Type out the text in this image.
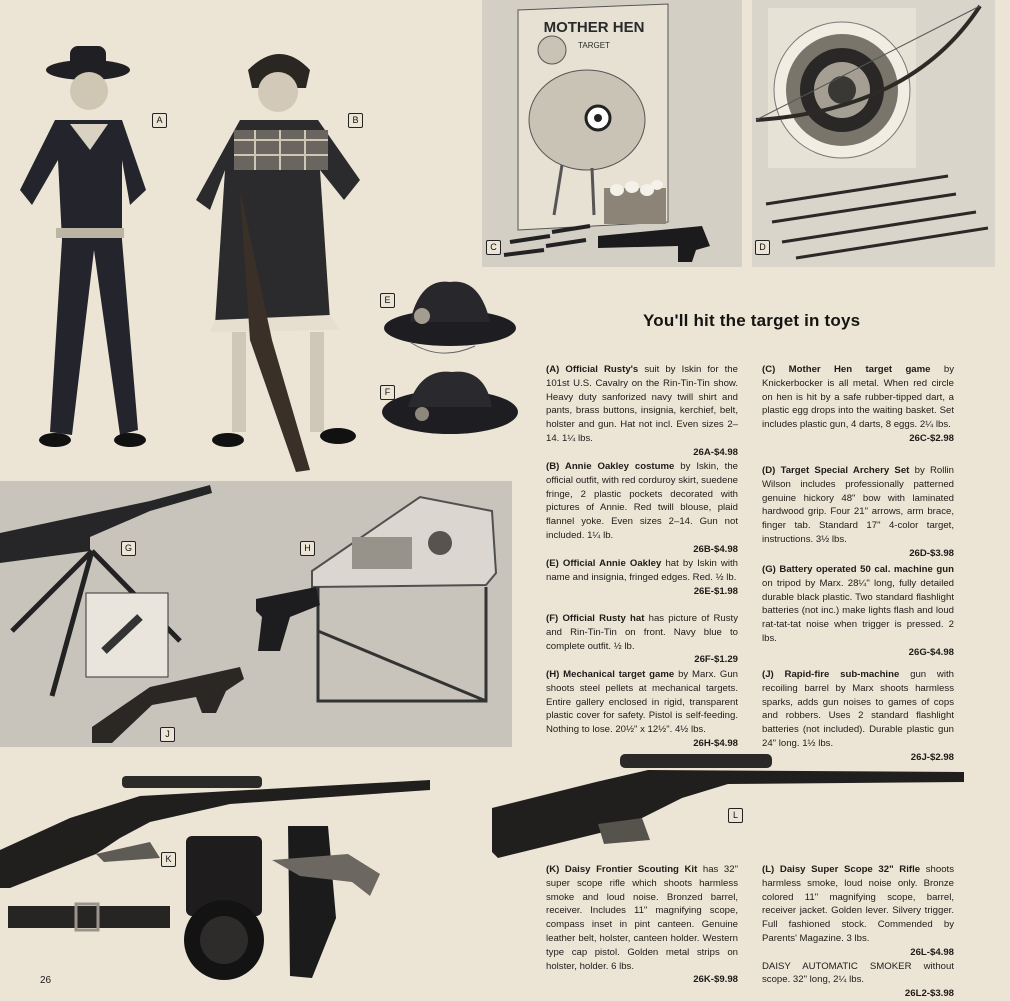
A	B
E
F
MOTHER HEN
TARGET
C	D
G	H
J
K
L
You'll hit the target in toys

(A) Official Rusty's suit by Iskin for the 101st U.S. Cavalry on the Rin-Tin-Tin show. Heavy duty sanforized navy twill shirt and pants, brass buttons, insignia, kerchief, belt, holster and gun. Hat not incl. Even sizes 2–14. 1¼ lbs.
26A-$4.98

(B) Annie Oakley costume by Iskin, the official outfit, with red corduroy skirt, suedene fringe, 2 plastic pockets decorated with pictures of Annie. Red twill blouse, plaid flannel yoke. Even sizes 2–14. Gun not included. 1¼ lb.
26B-$4.98

(E) Official Annie Oakley hat by Iskin with name and insignia, fringed edges. Red. ½ lb.
26E-$1.98

(F) Official Rusty hat has picture of Rusty and Rin-Tin-Tin on front. Navy blue to complete outfit. ½ lb.
26F-$1.29

(H) Mechanical target game by Marx. Gun shoots steel pellets at mechanical targets. Entire gallery enclosed in rigid, transparent plastic cover for safety. Pistol is self-feeding. Nothing to lose. 20½" x 12½". 4½ lbs.
26H-$4.98

(K) Daisy Frontier Scouting Kit has 32" super scope rifle which shoots harmless smoke and loud noise. Bronzed barrel, receiver. Includes 11" magnifying scope, compass inset in pint canteen. Genuine leather belt, holster, canteen holder. Western type cap pistol. Golden metal strips on holster, holder. 6 lbs.
26K-$9.98

(C) Mother Hen target game by Knickerbocker is all metal. When red circle on hen is hit by a safe rubber-tipped dart, a plastic egg drops into the waiting basket. Set includes plastic gun, 4 darts, 8 eggs. 2¼ lbs.
26C-$2.98

(D) Target Special Archery Set by Rollin Wilson includes professionally patterned genuine hickory 48" bow with laminated hardwood grip. Four 21" arrows, arm brace, finger tab. Standard 17" 4-color target, instructions. 3½ lbs.
26D-$3.98

(G) Battery operated 50 cal. machine gun on tripod by Marx. 28¼" long, fully detailed durable black plastic. Two standard flashlight batteries (not inc.) make lights flash and loud rat-tat-tat noise when trigger is pressed. 2 lbs.
26G-$4.98

(J) Rapid-fire sub-machine gun with recoiling barrel by Marx shoots harmless sparks, adds gun noises to games of cops and robbers. Uses 2 standard flashlight batteries (not included). Durable plastic gun 24" long. 1½ lbs.
26J-$2.98

(L) Daisy Super Scope 32" Rifle shoots harmless smoke, loud noise only. Bronze colored 11" magnifying scope, barrel, receiver jacket. Golden lever. Silvery trigger. Full fashioned stock. Commended by Parents' Magazine. 3 lbs.
26L-$4.98
DAISY AUTOMATIC SMOKER without scope. 32" long, 2¼ lbs.
26L2-$3.98

26
